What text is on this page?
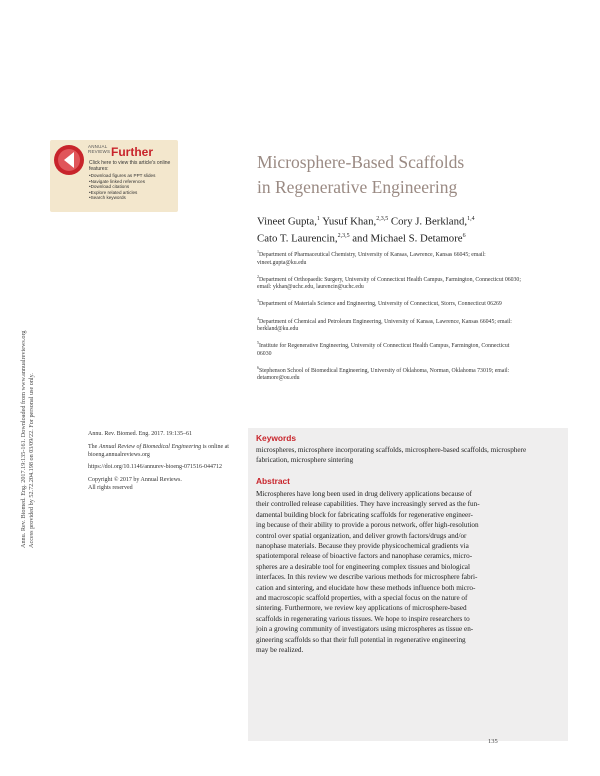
ANNUAL
REVIEWS Further
Click here to view this article's online features:
• Download figures as PPT slides
• Navigate linked references
• Download citations
• Explore related articles
• Search keywords
Microsphere-Based Scaffolds
in Regenerative Engineering
Vineet Gupta,$^1$ Yusuf Khan,$^{2,3,5}$ Cory J. Berkland,$^{1,4}$
Cato T. Laurencin,$^{2,3,5}$ and Michael S. Detamore$^6$

$^1$Department of Pharmaceutical Chemistry, University of Kansas, Lawrence, Kansas 66045; email: vineet.gupta@ku.edu

$^2$Department of Orthopaedic Surgery, University of Connecticut Health Campus, Farmington, Connecticut 06030; email: ykhan@uchc.edu, laurencin@uchc.edu

$^3$Department of Materials Science and Engineering, University of Connecticut, Storrs, Connecticut 06269

$^4$Department of Chemical and Petroleum Engineering, University of Kansas, Lawrence, Kansas 66045; email: berkland@ku.edu

$^5$Institute for Regenerative Engineering, University of Connecticut Health Campus, Farmington, Connecticut 06030

$^6$Stephenson School of Biomedical Engineering, University of Oklahoma, Norman, Oklahoma 73019; email: detamore@ou.edu

Annu. Rev. Biomed. Eng. 2017.19:135-161. Downloaded from www.annualreviews.org Access provided by 52.72.204.198 on 03/09/22. For personal use only.	Annu. Rev. Biomed. Eng. 2017. 19:135–61

The Annual Review of Biomedical Engineering is online at bioeng.annualreviews.org

https://doi.org/10.1146/annurev-bioeng-071516-044712

Copyright © 2017 by Annual Reviews.
All rights reserved

Keywords
microspheres, microsphere incorporating scaffolds, microsphere-based scaffolds, microsphere fabrication, microsphere sintering
Abstract
Microspheres have long been used in drug delivery applications because of
their controlled release capabilities. They have increasingly served as the fun-
damental building block for fabricating scaffolds for regenerative engineer-
ing because of their ability to provide a porous network, offer high-resolution
control over spatial organization, and deliver growth factors/drugs and/or
nanophase materials. Because they provide physicochemical gradients via
spatiotemporal release of bioactive factors and nanophase ceramics, micro-
spheres are a desirable tool for engineering complex tissues and biological
interfaces. In this review we describe various methods for microsphere fabri-
cation and sintering, and elucidate how these methods influence both micro-
and macroscopic scaffold properties, with a special focus on the nature of
sintering. Furthermore, we review key applications of microsphere-based
scaffolds in regenerating various tissues. We hope to inspire researchers to
join a growing community of investigators using microspheres as tissue en-
gineering scaffolds so that their full potential in regenerative engineering
may be realized.
135
